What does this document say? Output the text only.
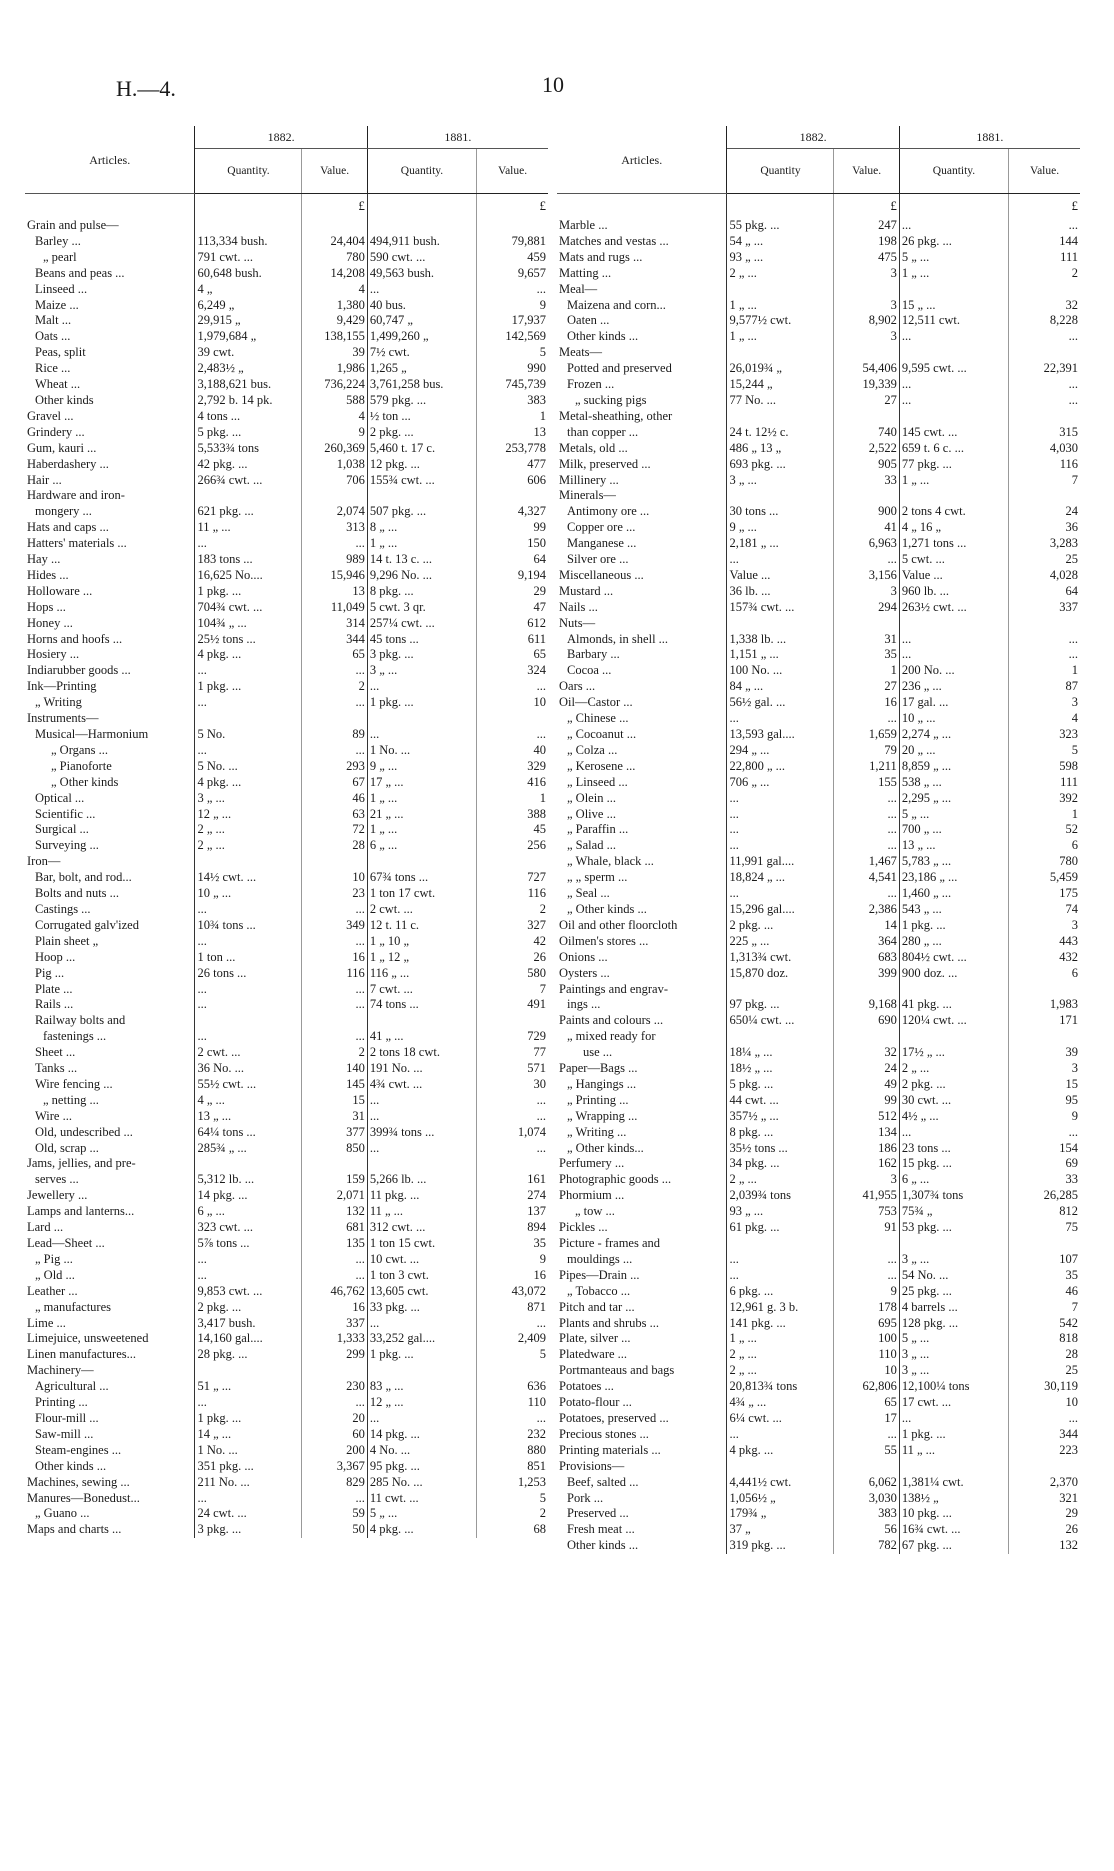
H.—4.	10
Articles.	1882.		1881.	
	Quantity.	Value.	Quantity.	Value.
		£		£
Grain and pulse—				
Barley ...	113,334 bush.	24,404	494,911 bush.	79,881
„ pearl	791 cwt. ...	780	590 cwt. ...	459
Beans and peas ...	60,648 bush.	14,208	49,563 bush.	9,657
Linseed ...	4 „	4	...	...
Maize ...	6,249 „	1,380	40 bus.	9
Malt ...	29,915 „	9,429	60,747 „	17,937
Oats ...	1,979,684 „	138,155	1,499,260 „	142,569
Peas, split	39 cwt.	39	7½ cwt.	5
Rice ...	2,483½ „	1,986	1,265 „	990
Wheat ...	3,188,621 bus.	736,224	3,761,258 bus.	745,739
Other kinds	2,792 b. 14 pk.	588	579 pkg. ...	383
Gravel ...	4 tons ...	4	½ ton ...	1
Grindery ...	5 pkg. ...	9	2 pkg. ...	13
Gum, kauri ...	5,533¾ tons	260,369	5,460 t. 17 c.	253,778
Haberdashery ...	42 pkg. ...	1,038	12 pkg. ...	477
Hair ...	266¾ cwt. ...	706	155¾ cwt. ...	606
Hardware and iron-				
mongery ...	621 pkg. ...	2,074	507 pkg. ...	4,327
Hats and caps ...	11 „ ...	313	8 „ ...	99
Hatters' materials ...	...	...	1 „ ...	150
Hay ...	183 tons ...	989	14 t. 13 c. ...	64
Hides ...	16,625 No....	15,946	9,296 No. ...	9,194
Holloware ...	1 pkg. ...	13	8 pkg. ...	29
Hops ...	704¾ cwt. ...	11,049	5 cwt. 3 qr.	47
Honey ...	104¾ „ ...	314	257¼ cwt. ...	612
Horns and hoofs ...	25½ tons ...	344	45 tons ...	611
Hosiery ...	4 pkg. ...	65	3 pkg. ...	65
Indiarubber goods ...	...	...	3 „ ...	324
Ink—Printing	1 pkg. ...	2	...	...
„ Writing	...	...	1 pkg. ...	10
Instruments—				
Musical—Harmonium	5 No.	89	...	...
„ Organs ...	...	...	1 No. ...	40
„ Pianoforte	5 No. ...	293	9 „ ...	329
„ Other kinds	4 pkg. ...	67	17 „ ...	416
Optical ...	3 „ ...	46	1 „ ...	1
Scientific ...	12 „ ...	63	21 „ ...	388
Surgical ...	2 „ ...	72	1 „ ...	45
Surveying ...	2 „ ...	28	6 „ ...	256
Iron—				
Bar, bolt, and rod...	14½ cwt. ...	10	67¾ tons ...	727
Bolts and nuts ...	10 „ ...	23	1 ton 17 cwt.	116
Castings ...	...	...	2 cwt. ...	2
Corrugated galv'ized	10¾ tons ...	349	12 t. 11 c.	327
Plain sheet „	...	...	1 „ 10 „	42
Hoop ...	1 ton ...	16	1 „ 12 „	26
Pig ...	26 tons ...	116	116 „ ...	580
Plate ...	...	...	7 cwt. ...	7
Rails ...	...	...	74 tons ...	491
Railway bolts and				
fastenings ...	...	...	41 „ ...	729
Sheet ...	2 cwt. ...	2	2 tons 18 cwt.	77
Tanks ...	36 No. ...	140	191 No. ...	571
Wire fencing ...	55½ cwt. ...	145	4¾ cwt. ...	30
„ netting ...	4 „ ...	15	...	...
Wire ...	13 „ ...	31	...	...
Old, undescribed ...	64¼ tons ...	377	399¾ tons ...	1,074
Old, scrap ...	285¾ „ ...	850	...	...
Jams, jellies, and pre-				
serves ...	5,312 lb. ...	159	5,266 lb. ...	161
Jewellery ...	14 pkg. ...	2,071	11 pkg. ...	274
Lamps and lanterns...	6 „ ...	132	11 „ ...	137
Lard ...	323 cwt. ...	681	312 cwt. ...	894
Lead—Sheet ...	5⅞ tons ...	135	1 ton 15 cwt.	35
„ Pig ...	...	...	10 cwt. ...	9
„ Old ...	...	...	1 ton 3 cwt.	16
Leather ...	9,853 cwt. ...	46,762	13,605 cwt.	43,072
„ manufactures	2 pkg. ...	16	33 pkg. ...	871
Lime ...	3,417 bush.	337	...	...
Limejuice, unsweetened	14,160 gal....	1,333	33,252 gal....	2,409
Linen manufactures...	28 pkg. ...	299	1 pkg. ...	5
Machinery—				
Agricultural ...	51 „ ...	230	83 „ ...	636
Printing ...	...	...	12 „ ...	110
Flour-mill ...	1 pkg. ...	20	...	...
Saw-mill ...	14 „ ...	60	14 pkg. ...	232
Steam-engines ...	1 No. ...	200	4 No. ...	880
Other kinds ...	351 pkg. ...	3,367	95 pkg. ...	851
Machines, sewing ...	211 No. ...	829	285 No. ...	1,253
Manures—Bonedust...	...	...	11 cwt. ...	5
„ Guano ...	24 cwt. ...	59	5 „ ...	2
Maps and charts ...	3 pkg. ...	50	4 pkg. ...	68
Articles.	1882.		1881.	
	Quantity	Value.	Quantity.	Value.
		£		£
Marble ...	55 pkg. ...	247	...	...
Matches and vestas ...	54 „ ...	198	26 pkg. ...	144
Mats and rugs ...	93 „ ...	475	5 „ ...	111
Matting ...	2 „ ...	3	1 „ ...	2
Meal—				
Maizena and corn...	1 „ ...	3	15 „ ...	32
Oaten ...	9,577½ cwt.	8,902	12,511 cwt.	8,228
Other kinds ...	1 „ ...	3	...	...
Meats—				
Potted and preserved	26,019¾ „	54,406	9,595 cwt. ...	22,391
Frozen ...	15,244 „	19,339	...	...
„ sucking pigs	77 No. ...	27	...	...
Metal-sheathing, other				
than copper ...	24 t. 12½ c.	740	145 cwt. ...	315
Metals, old ...	486 „ 13 „	2,522	659 t. 6 c. ...	4,030
Milk, preserved ...	693 pkg. ...	905	77 pkg. ...	116
Millinery ...	3 „ ...	33	1 „ ...	7
Minerals—				
Antimony ore ...	30 tons ...	900	2 tons 4 cwt.	24
Copper ore ...	9 „ ...	41	4 „ 16 „	36
Manganese ...	2,181 „ ...	6,963	1,271 tons ...	3,283
Silver ore ...	...	...	5 cwt. ...	25
Miscellaneous ...	Value ...	3,156	Value ...	4,028
Mustard ...	36 lb. ...	3	960 lb. ...	64
Nails ...	157¾ cwt. ...	294	263½ cwt. ...	337
Nuts—				
Almonds, in shell ...	1,338 lb. ...	31	...	...
Barbary ...	1,151 „ ...	35	...	...
Cocoa ...	100 No. ...	1	200 No. ...	1
Oars ...	84 „ ...	27	236 „ ...	87
Oil—Castor ...	56½ gal. ...	16	17 gal. ...	3
„ Chinese ...	...	...	10 „ ...	4
„ Cocoanut ...	13,593 gal....	1,659	2,274 „ ...	323
„ Colza ...	294 „ ...	79	20 „ ...	5
„ Kerosene ...	22,800 „ ...	1,211	8,859 „ ...	598
„ Linseed ...	706 „ ...	155	538 „ ...	111
„ Olein ...	...	...	2,295 „ ...	392
„ Olive ...	...	...	5 „ ...	1
„ Paraffin ...	...	...	700 „ ...	52
„ Salad ...	...	...	13 „ ...	6
„ Whale, black ...	11,991 gal....	1,467	5,783 „ ...	780
„ „ sperm ...	18,824 „ ...	4,541	23,186 „ ...	5,459
„ Seal ...	...	...	1,460 „ ...	175
„ Other kinds ...	15,296 gal....	2,386	543 „ ...	74
Oil and other floorcloth	2 pkg. ...	14	1 pkg. ...	3
Oilmen's stores ...	225 „ ...	364	280 „ ...	443
Onions ...	1,313¾ cwt.	683	804½ cwt. ...	432
Oysters ...	15,870 doz.	399	900 doz. ...	6
Paintings and engrav-				
ings ...	97 pkg. ...	9,168	41 pkg. ...	1,983
Paints and colours ...	650¼ cwt. ...	690	120¼ cwt. ...	171
„ mixed ready for				
use ...	18¼ „ ...	32	17½ „ ...	39
Paper—Bags ...	18½ „ ...	24	2 „ ...	3
„ Hangings ...	5 pkg. ...	49	2 pkg. ...	15
„ Printing ...	44 cwt. ...	99	30 cwt. ...	95
„ Wrapping ...	357½ „ ...	512	4½ „ ...	9
„ Writing ...	8 pkg. ...	134	...	...
„ Other kinds...	35½ tons ...	186	23 tons ...	154
Perfumery ...	34 pkg. ...	162	15 pkg. ...	69
Photographic goods ...	2 „ ...	3	6 „ ...	33
Phormium ...	2,039¾ tons	41,955	1,307¾ tons	26,285
„ tow ...	93 „ ...	753	75¾ „	812
Pickles ...	61 pkg. ...	91	53 pkg. ...	75
Picture - frames and				
mouldings ...	...	...	3 „ ...	107
Pipes—Drain ...	...	...	54 No. ...	35
„ Tobacco ...	6 pkg. ...	9	25 pkg. ...	46
Pitch and tar ...	12,961 g. 3 b.	178	4 barrels ...	7
Plants and shrubs ...	141 pkg. ...	695	128 pkg. ...	542
Plate, silver ...	1 „ ...	100	5 „ ...	818
Platedware ...	2 „ ...	110	3 „ ...	28
Portmanteaus and bags	2 „ ...	10	3 „ ...	25
Potatoes ...	20,813¾ tons	62,806	12,100¼ tons	30,119
Potato-flour ...	4¾ „ ...	65	17 cwt. ...	10
Potatoes, preserved ...	6¼ cwt. ...	17	...	...
Precious stones ...	...	...	1 pkg. ...	344
Printing materials ...	4 pkg. ...	55	11 „ ...	223
Provisions—				
Beef, salted ...	4,441½ cwt.	6,062	1,381¼ cwt.	2,370
Pork ...	1,056½ „	3,030	138½ „	321
Preserved ...	179¾ „	383	10 pkg. ...	29
Fresh meat ...	37 „	56	16¾ cwt. ...	26
Other kinds ...	319 pkg. ...	782	67 pkg. ...	132
